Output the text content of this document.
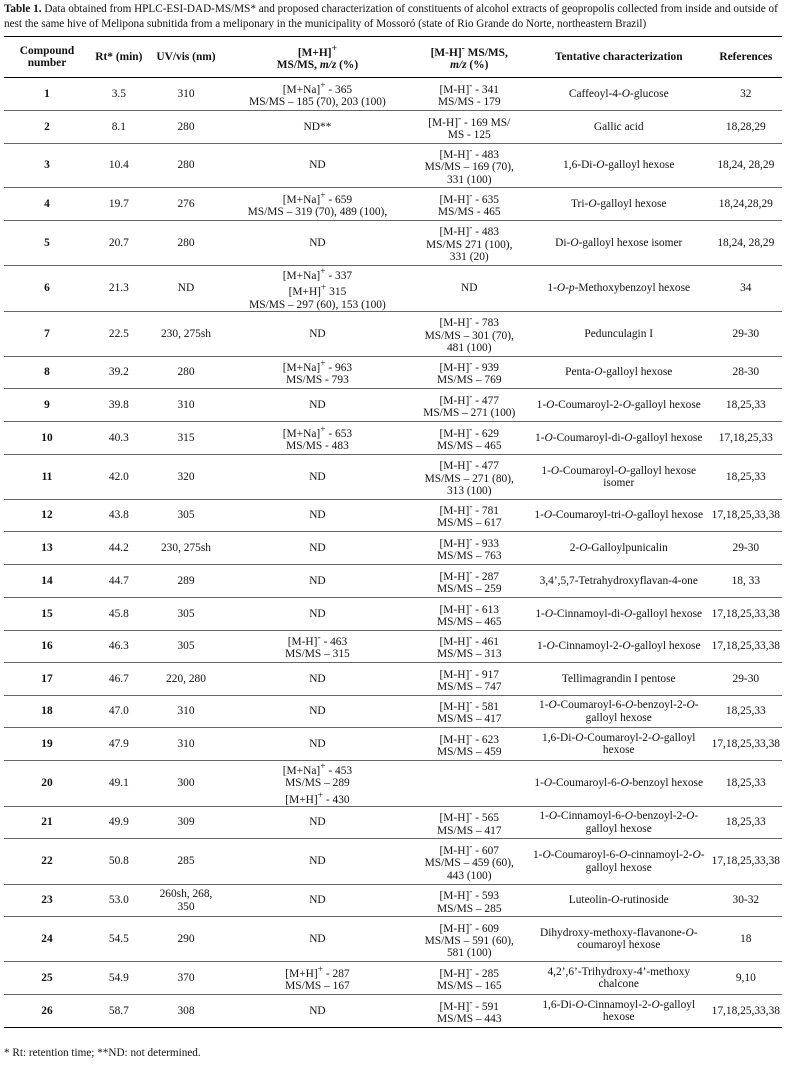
Table 1. Data obtained from HPLC-ESI-DAD-MS/MS* and proposed characterization of constituents of alcohol extracts of geopropolis collected from inside and outside of nest the same hive of Melipona subnitida from a meliponary in the municipality of Mossoró (state of Rio Grande do Norte, northeastern Brazil)

Compound
number	Rt* (min)	UV/vis (nm)	[M+H]+
MS/MS, m/z (%)	[M-H]- MS/MS,
m/z (%)	Tentative characterization	References

1	3.5	310	[M+Na]+ - 365
MS/MS – 185 (70), 203 (100)	[M-H]- - 341
MS/MS - 179	Caffeoyl-4-O-glucose	32

2	8.1	280	ND**	[M-H]- - 169 MS/
MS - 125	Gallic acid	18,28,29

3	10.4	280	ND	[M-H]- - 483
MS/MS – 169 (70),
331 (100)	1,6-Di-O-galloyl hexose	18,24, 28,29

4	19.7	276	[M+Na]+ - 659
MS/MS – 319 (70), 489 (100),	[M-H]- - 635
MS/MS - 465	Tri-O-galloyl hexose	18,24,28,29

5	20.7	280	ND	[M-H]- - 483
MS/MS 271 (100),
331 (20)	Di-O-galloyl hexose isomer	18,24, 28,29

6	21.3	ND	[M+Na]+ - 337
[M+H]+ 315
MS/MS – 297 (60), 153 (100)	ND	1-O-p-Methoxybenzoyl hexose	34

7	22.5	230, 275sh	ND	[M-H]- - 783
MS/MS – 301 (70),
481 (100)	Pedunculagin I	29-30

8	39.2	280	[M+Na]+ - 963
MS/MS - 793	[M-H]- - 939
MS/MS – 769	Penta-O-galloyl hexose	28-30

9	39.8	310	ND	[M-H]- - 477
MS/MS – 271 (100)	1-O-Coumaroyl-2-O-galloyl hexose	18,25,33

10	40.3	315	[M+Na]+ - 653
MS/MS - 483	[M-H]- - 629
MS/MS – 465	1-O-Coumaroyl-di-O-galloyl hexose	17,18,25,33

11	42.0	320	ND	[M-H]- - 477
MS/MS – 271 (80),
313 (100)	1-O-Coumaroyl-O-galloyl hexose
isomer	18,25,33

12	43.8	305	ND	[M-H]- - 781
MS/MS – 617	1-O-Coumaroyl-tri-O-galloyl hexose	17,18,25,33,38

13	44.2	230, 275sh	ND	[M-H]- - 933
MS/MS – 763	2-O-Galloylpunicalin	29-30

14	44.7	289	ND	[M-H]- - 287
MS/MS – 259	3,4’,5,7-Tetrahydroxyflavan-4-one	18, 33

15	45.8	305	ND	[M-H]- - 613
MS/MS – 465	1-O-Cinnamoyl-di-O-galloyl hexose	17,18,25,33,38

16	46.3	305	[M-H]- - 463
MS/MS – 315	[M-H]- - 461
MS/MS – 313	1-O-Cinnamoyl-2-O-galloyl hexose	17,18,25,33,38

17	46.7	220, 280	ND	[M-H]- - 917
MS/MS – 747	Tellimagrandin I pentose	29-30

18	47.0	310	ND	[M-H]- - 581
MS/MS – 417	1-O-Coumaroyl-6-O-benzoyl-2-O-
galloyl hexose	18,25,33

19	47.9	310	ND	[M-H]- - 623
MS/MS – 459	1,6-Di-O-Coumaroyl-2-O-galloyl
hexose	17,18,25,33,38

20	49.1	300	[M+Na]+ - 453
MS/MS – 289
[M+H]+ - 430		1-O-Coumaroyl-6-O-benzoyl hexose	18,25,33

21	49.9	309	ND	[M-H]- - 565
MS/MS – 417	1-O-Cinnamoyl-6-O-benzoyl-2-O-
galloyl hexose	18,25,33

22	50.8	285	ND	[M-H]- - 607
MS/MS – 459 (60),
443 (100)	1-O-Coumaroyl-6-O-cinnamoyl-2-O-
galloyl hexose	17,18,25,33,38

23	53.0	260sh, 268,
350	ND	[M-H]- - 593
MS/MS – 285	Luteolin-O-rutinoside	30-32

24	54.5	290	ND	[M-H]- - 609
MS/MS – 591 (60),
581 (100)	Dihydroxy-methoxy-flavanone-O-
coumaroyl hexose	18

25	54.9	370	[M+H]+ - 287
MS/MS – 167	[M-H]- - 285
MS/MS – 165	4,2’,6’-Trihydroxy-4’-methoxy
chalcone	9,10

26	58.7	308	ND	[M-H]- - 591
MS/MS – 443	1,6-Di-O-Cinnamoyl-2-O-galloyl
hexose	17,18,25,33,38

* Rt: retention time; **ND: not determined.
